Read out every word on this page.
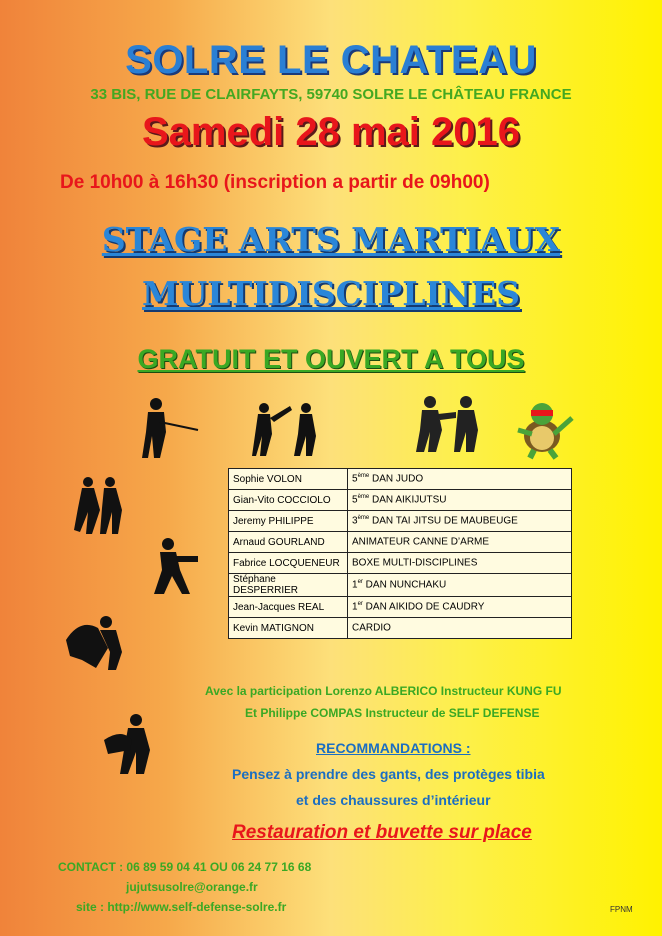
SOLRE LE CHATEAU
33 BIS, RUE DE CLAIRFAYTS, 59740 SOLRE LE CHÂTEAU FRANCE
Samedi 28 mai 2016
De 10h00 à 16h30 (inscription a partir de 09h00)
STAGE ARTS MARTIAUX
MULTIDISCIPLINES
GRATUIT ET OUVERT A TOUS
Sophie VOLON	5ème DAN JUDO
Gian-Vito COCCIOLO	5ème DAN AIKIJUTSU
Jeremy PHILIPPE	3ème DAN TAI JITSU DE MAUBEUGE
Arnaud GOURLAND	ANIMATEUR CANNE D’ARME
Fabrice LOCQUENEUR	BOXE MULTI-DISCIPLINES
Stéphane DESPERRIER	1er DAN NUNCHAKU
Jean-Jacques REAL	1er DAN AIKIDO DE CAUDRY
Kevin MATIGNON	CARDIO
Avec la participation Lorenzo ALBERICO Instructeur KUNG FU
Et Philippe COMPAS Instructeur de SELF DEFENSE
RECOMMANDATIONS :
Pensez à prendre des gants, des protèges tibia
et des chaussures d’intérieur
Restauration et buvette sur place
CONTACT : 06 89 59 04 41 OU 06 24 77 16 68
jujutsusolre@orange.fr
site : http://www.self-defense-solre.fr	FPNM
